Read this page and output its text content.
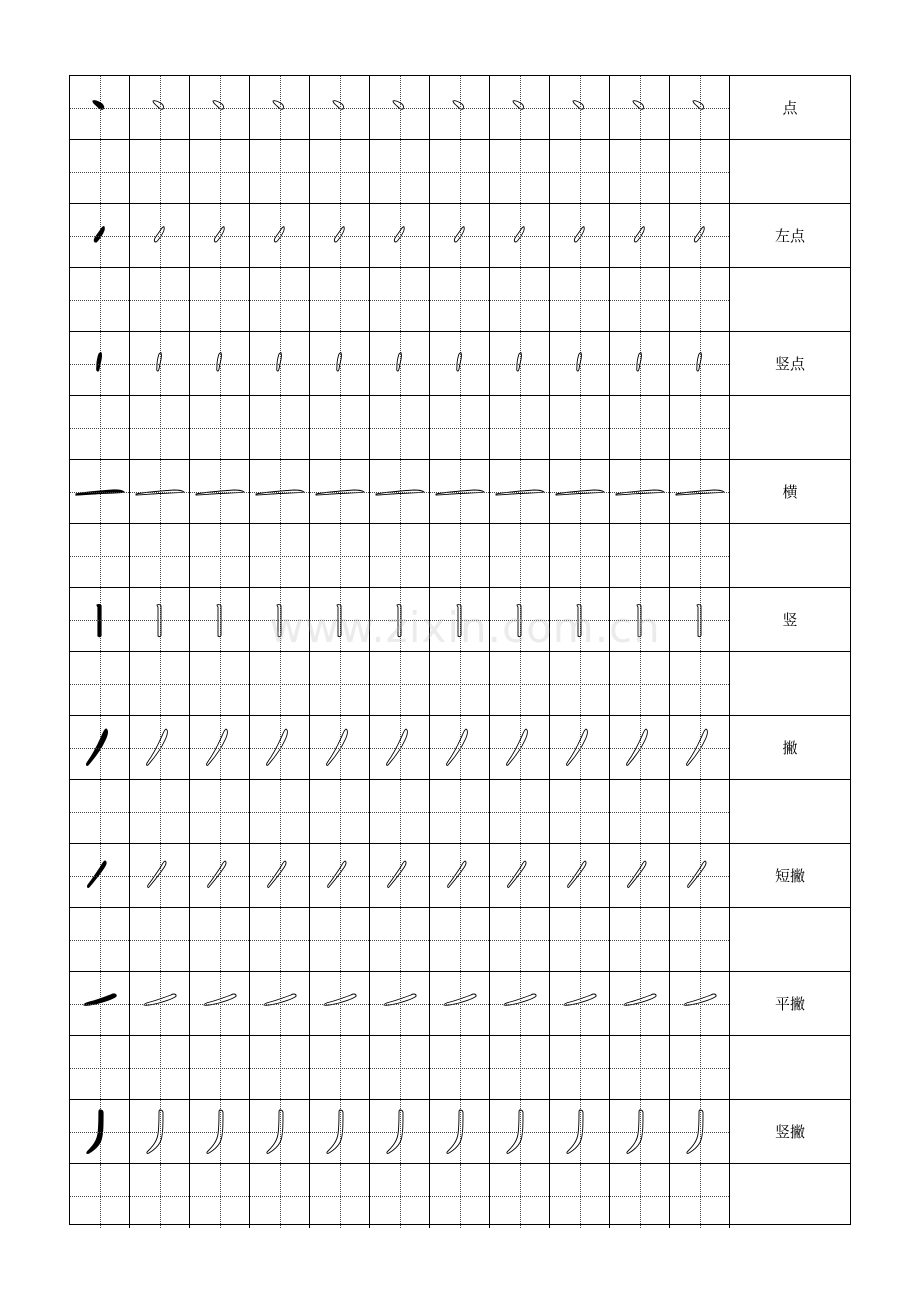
点
左点
竖点
横
竖
撇
短撇
平撇
竖撇
www.zixin.com.cn
